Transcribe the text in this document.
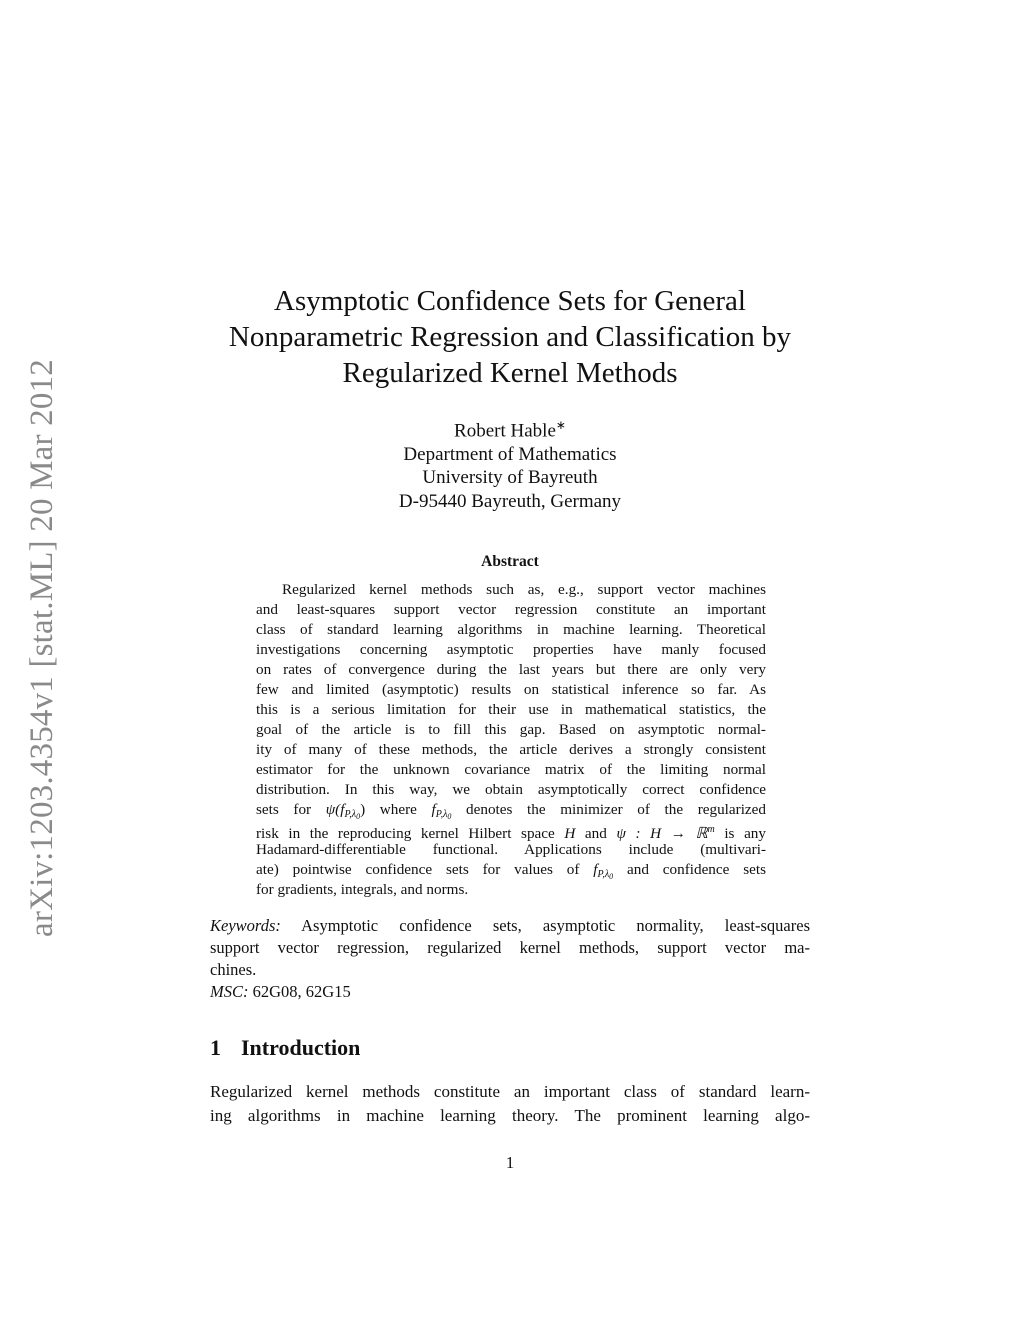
arXiv:1203.4354v1 [stat.ML] 20 Mar 2012
Asymptotic Confidence Sets for General
Nonparametric Regression and Classification by
Regularized Kernel Methods
Robert Hable∗
Department of Mathematics
University of Bayreuth
D-95440 Bayreuth, Germany
Abstract
Regularized kernel methods such as, e.g., support vector machines
and least-squares support vector regression constitute an important
class of standard learning algorithms in machine learning. Theoretical
investigations concerning asymptotic properties have manly focused
on rates of convergence during the last years but there are only very
few and limited (asymptotic) results on statistical inference so far. As
this is a serious limitation for their use in mathematical statistics, the
goal of the article is to fill this gap. Based on asymptotic normal-
ity of many of these methods, the article derives a strongly consistent
estimator for the unknown covariance matrix of the limiting normal
distribution. In this way, we obtain asymptotically correct confidence
sets for $\psi(f_{P,\lambda_0})$ where $f_{P,\lambda_0}$ denotes the minimizer of the regularized
risk in the reproducing kernel Hilbert space H and ψ : H → ℝ$^m$ is any
Hadamard-differentiable functional. Applications include (multivari-
ate) pointwise confidence sets for values of $f_{P,\lambda_0}$ and confidence sets
for gradients, integrals, and norms.
Keywords: Asymptotic confidence sets, asymptotic normality, least-squares
support vector regression, regularized kernel methods, support vector ma-
chines.
MSC: 62G08, 62G15
1 Introduction
Regularized kernel methods constitute an important class of standard learn-
ing algorithms in machine learning theory. The prominent learning algo-
1
